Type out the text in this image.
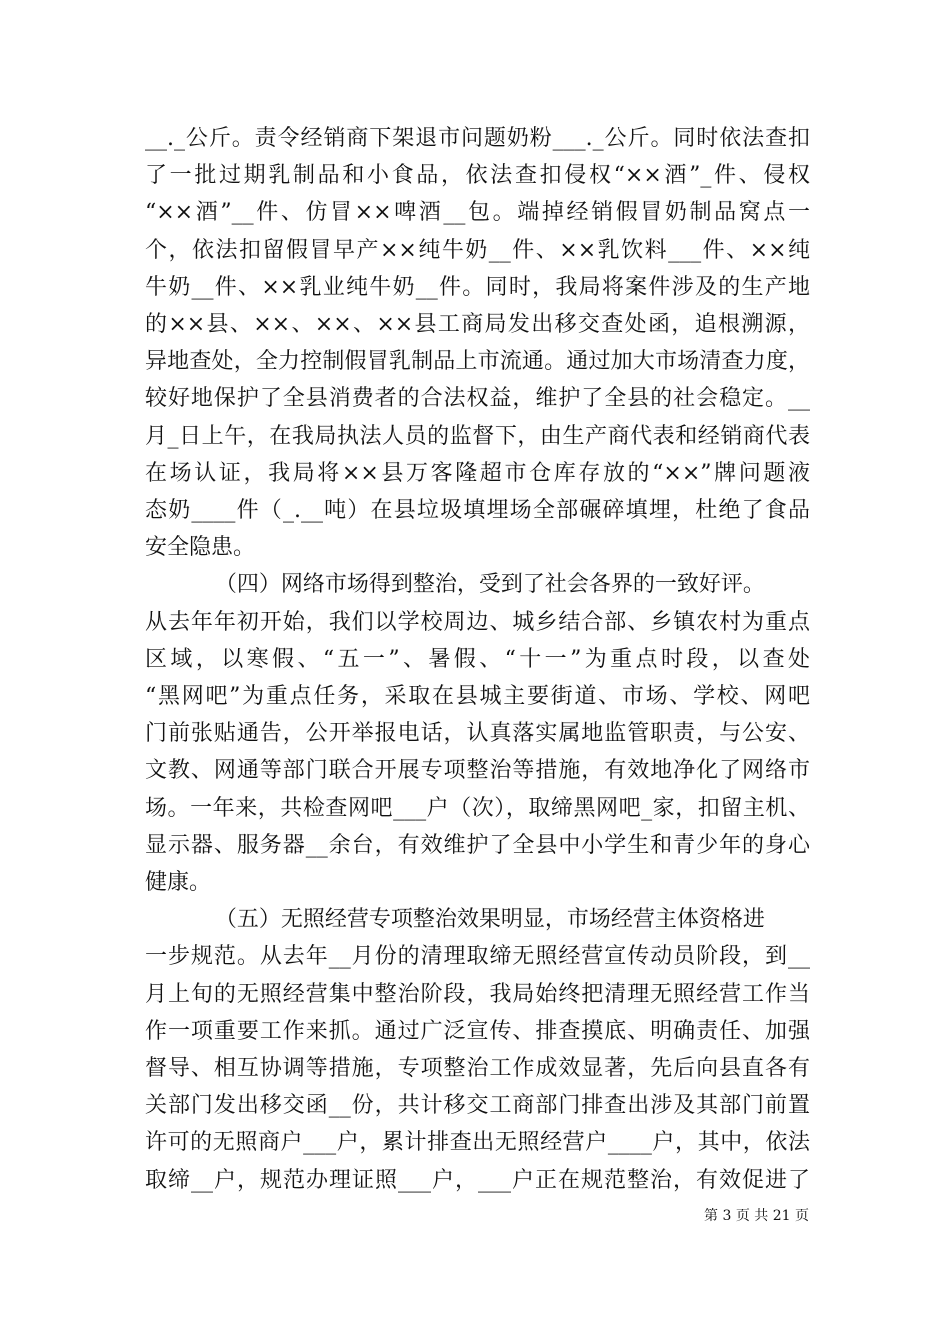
__._公斤。责令经销商下架退市问题奶粉___._公斤。同时依法查扣
了一批过期乳制品和小食品，依法查扣侵权“××酒”_件、侵权
“××酒”__件、仿冒××啤酒__包。端掉经销假冒奶制品窝点一
个，依法扣留假冒早产××纯牛奶__件、××乳饮料___件、××纯
牛奶__件、××乳业纯牛奶__件。同时，我局将案件涉及的生产地
的××县、××、××、××县工商局发出移交查处函，追根溯源，
异地查处，全力控制假冒乳制品上市流通。通过加大市场清查力度，
较好地保护了全县消费者的合法权益，维护了全县的社会稳定。__
月_日上午，在我局执法人员的监督下，由生产商代表和经销商代表
在场认证，我局将××县万客隆超市仓库存放的“××”牌问题液
态奶____件（_.__吨）在县垃圾填埋场全部碾碎填埋，杜绝了食品
安全隐患。
（四）网络市场得到整治，受到了社会各界的一致好评。
从去年年初开始，我们以学校周边、城乡结合部、乡镇农村为重点
区域，以寒假、“五一”、暑假、“十一”为重点时段，以查处
“黑网吧”为重点任务，采取在县城主要街道、市场、学校、网吧
门前张贴通告，公开举报电话，认真落实属地监管职责，与公安、
文教、网通等部门联合开展专项整治等措施，有效地净化了网络市
场。一年来，共检查网吧___户（次），取缔黑网吧_家，扣留主机、
显示器、服务器__余台，有效维护了全县中小学生和青少年的身心
健康。
（五）无照经营专项整治效果明显，市场经营主体资格进
一步规范。从去年__月份的清理取缔无照经营宣传动员阶段，到__
月上旬的无照经营集中整治阶段，我局始终把清理无照经营工作当
作一项重要工作来抓。通过广泛宣传、排查摸底、明确责任、加强
督导、相互协调等措施，专项整治工作成效显著，先后向县直各有
关部门发出移交函__份，共计移交工商部门排查出涉及其部门前置
许可的无照商户___户，累计排查出无照经营户____户，其中，依法
取缔__户，规范办理证照___户，___户正在规范整治，有效促进了
第 3 页 共 21 页
